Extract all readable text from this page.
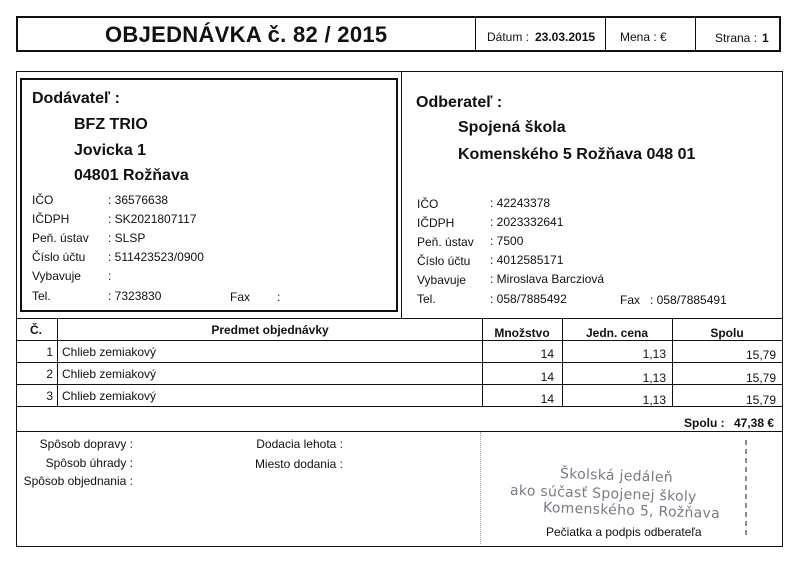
OBJEDNÁVKA č. 82 / 2015	Dátum : 23.03.2015 Mena : €	Strana : 1
Dodávateľ :
BFZ TRIO
Jovicka 1
04801 Rožňava
IČO	: 36576638
IČDPH	: SK2021807117
Peň. ústav : SLSP
Číslo účtu : 511423523/0900
Vybavuje :
Tel.	: 7323830	Fax :
Odberateľ :
Spojená škola
Komenského 5 Rožňava 048 01
IČO	: 42243378
IČDPH	: 2023332641
Peň. ústav : 7500
Číslo účtu : 4012585171
Vybavuje : Miroslava Barcziová
Tel.	: 058/7885492	Fax : 058/7885491
Č.	Predmet objednávky	Množstvo	Jedn. cena	Spolu
1 Chlieb zemiakový	14	1,13	15,79
2 Chlieb zemiakový	14	1,13	15,79
3 Chlieb zemiakový	14	1,13	15,79
Spolu : 47,38 €
Spôsob dopravy :
Spôsob úhrady :
Spôsob objednania :
Dodacia lehota :
Miesto dodania :
Školská jedáleň
ako súčasť Spojenej školy
Komenského 5, Rožňava
Pečiatka a podpis odberateľa
